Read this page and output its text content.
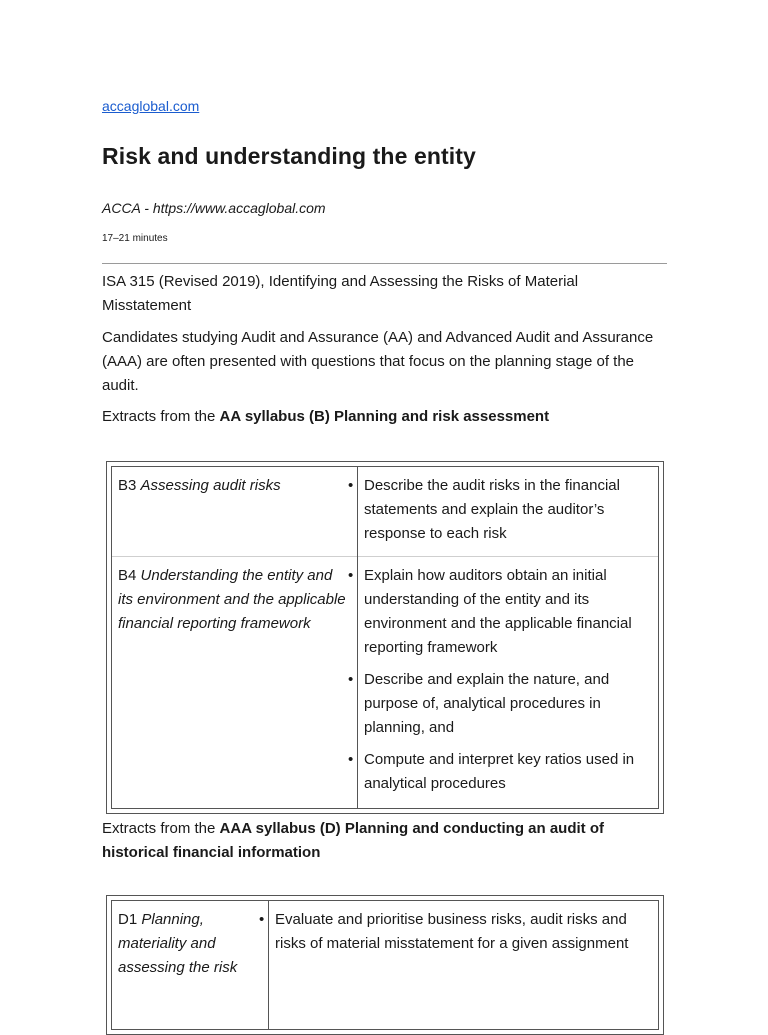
accaglobal.com
Risk and understanding the entity
ACCA - https://www.accaglobal.com
17–21 minutes

ISA 315 (Revised 2019), Identifying and Assessing the Risks of Material Misstatement

Candidates studying Audit and Assurance (AA) and Advanced Audit and Assurance (AAA) are often presented with questions that focus on the planning stage of the audit.

Extracts from the AA syllabus (B) Planning and risk assessment

B3 Assessing audit risks
B4 Understanding the entity and its environment and the applicable financial reporting framework
• Describe the audit risks in the financial statements and explain the auditor’s response to each risk
• Explain how auditors obtain an initial understanding of the entity and its environment and the applicable financial reporting framework
• Describe and explain the nature, and purpose of, analytical procedures in planning, and
• Compute and interpret key ratios used in analytical procedures

Extracts from the AAA syllabus (D) Planning and conducting an audit of historical financial information

D1 Planning, materiality and assessing the risk
• Evaluate and prioritise business risks, audit risks and risks of material misstatement for a given assignment
